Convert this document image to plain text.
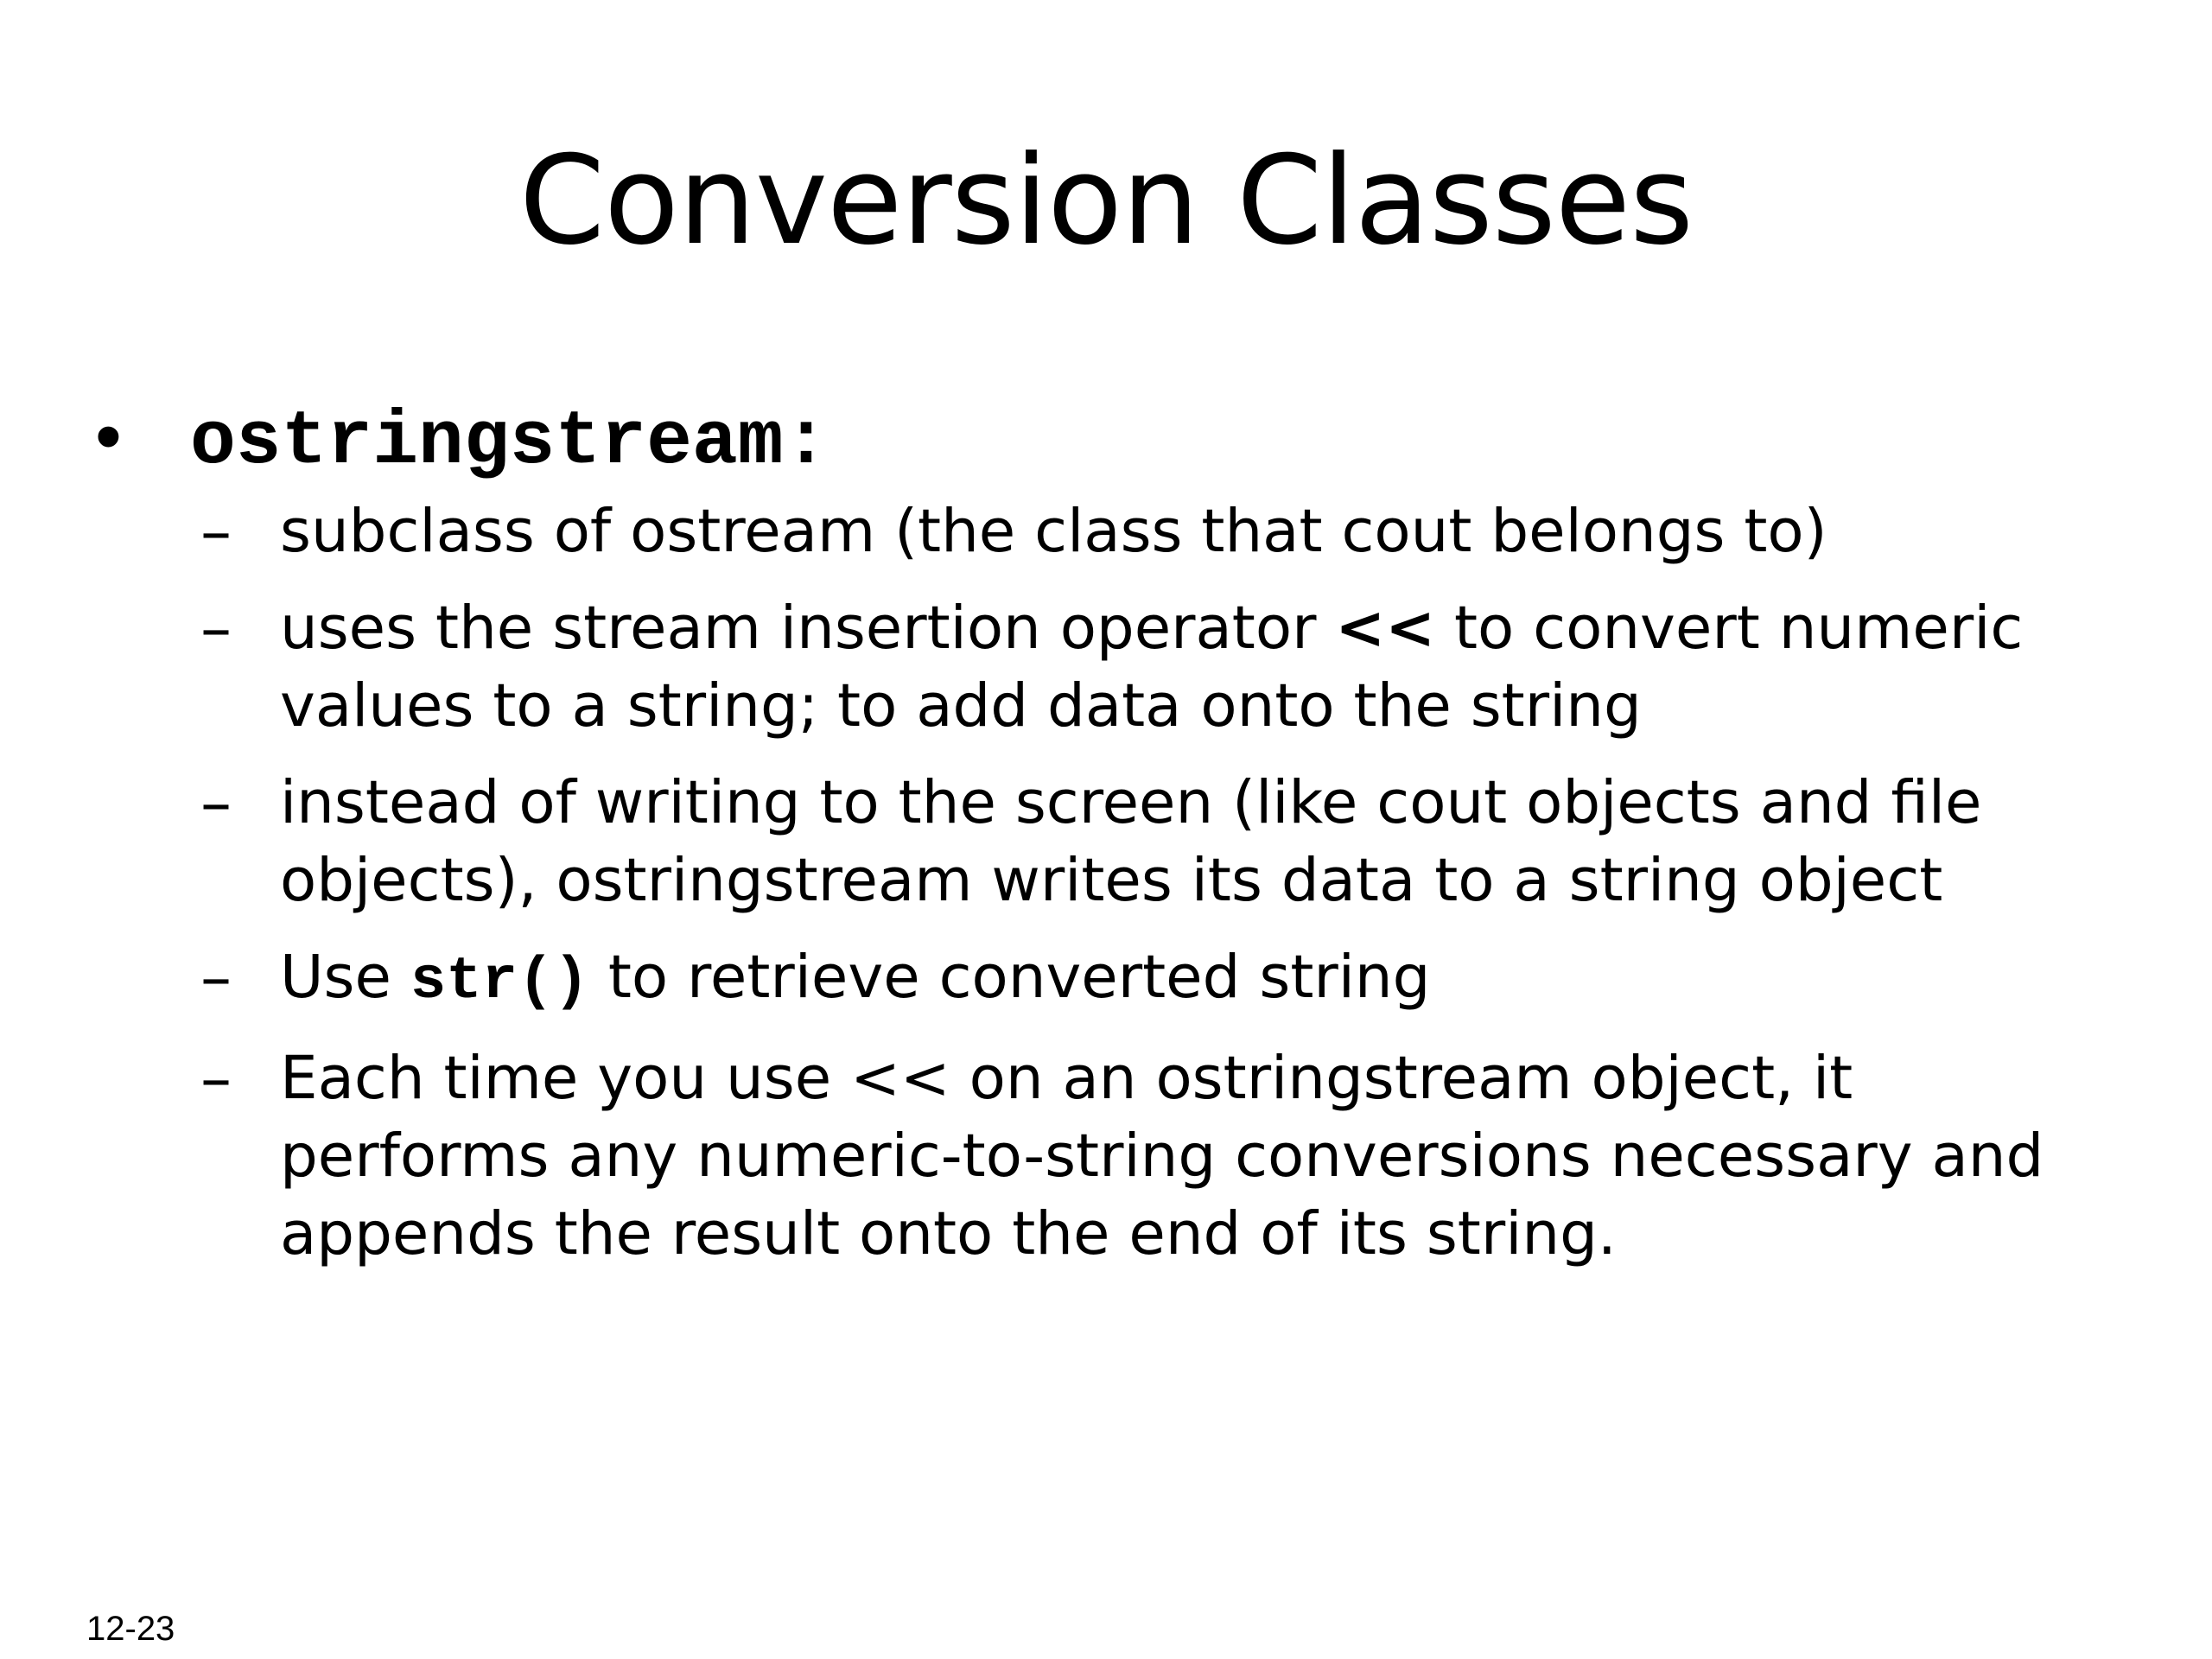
Conversion Classes
• ostringstream:
– subclass of ostream (the class that cout belongs to)
– uses the stream insertion operator << to convert numeric
values to a string; to add data onto the string
– instead of writing to the screen (like cout objects and file
objects), ostringstream writes its data to a string object
– Use str() to retrieve converted string
– Each time you use << on an ostringstream object, it
performs any numeric-to-string conversions necessary and
appends the result onto the end of its string.
12-23
